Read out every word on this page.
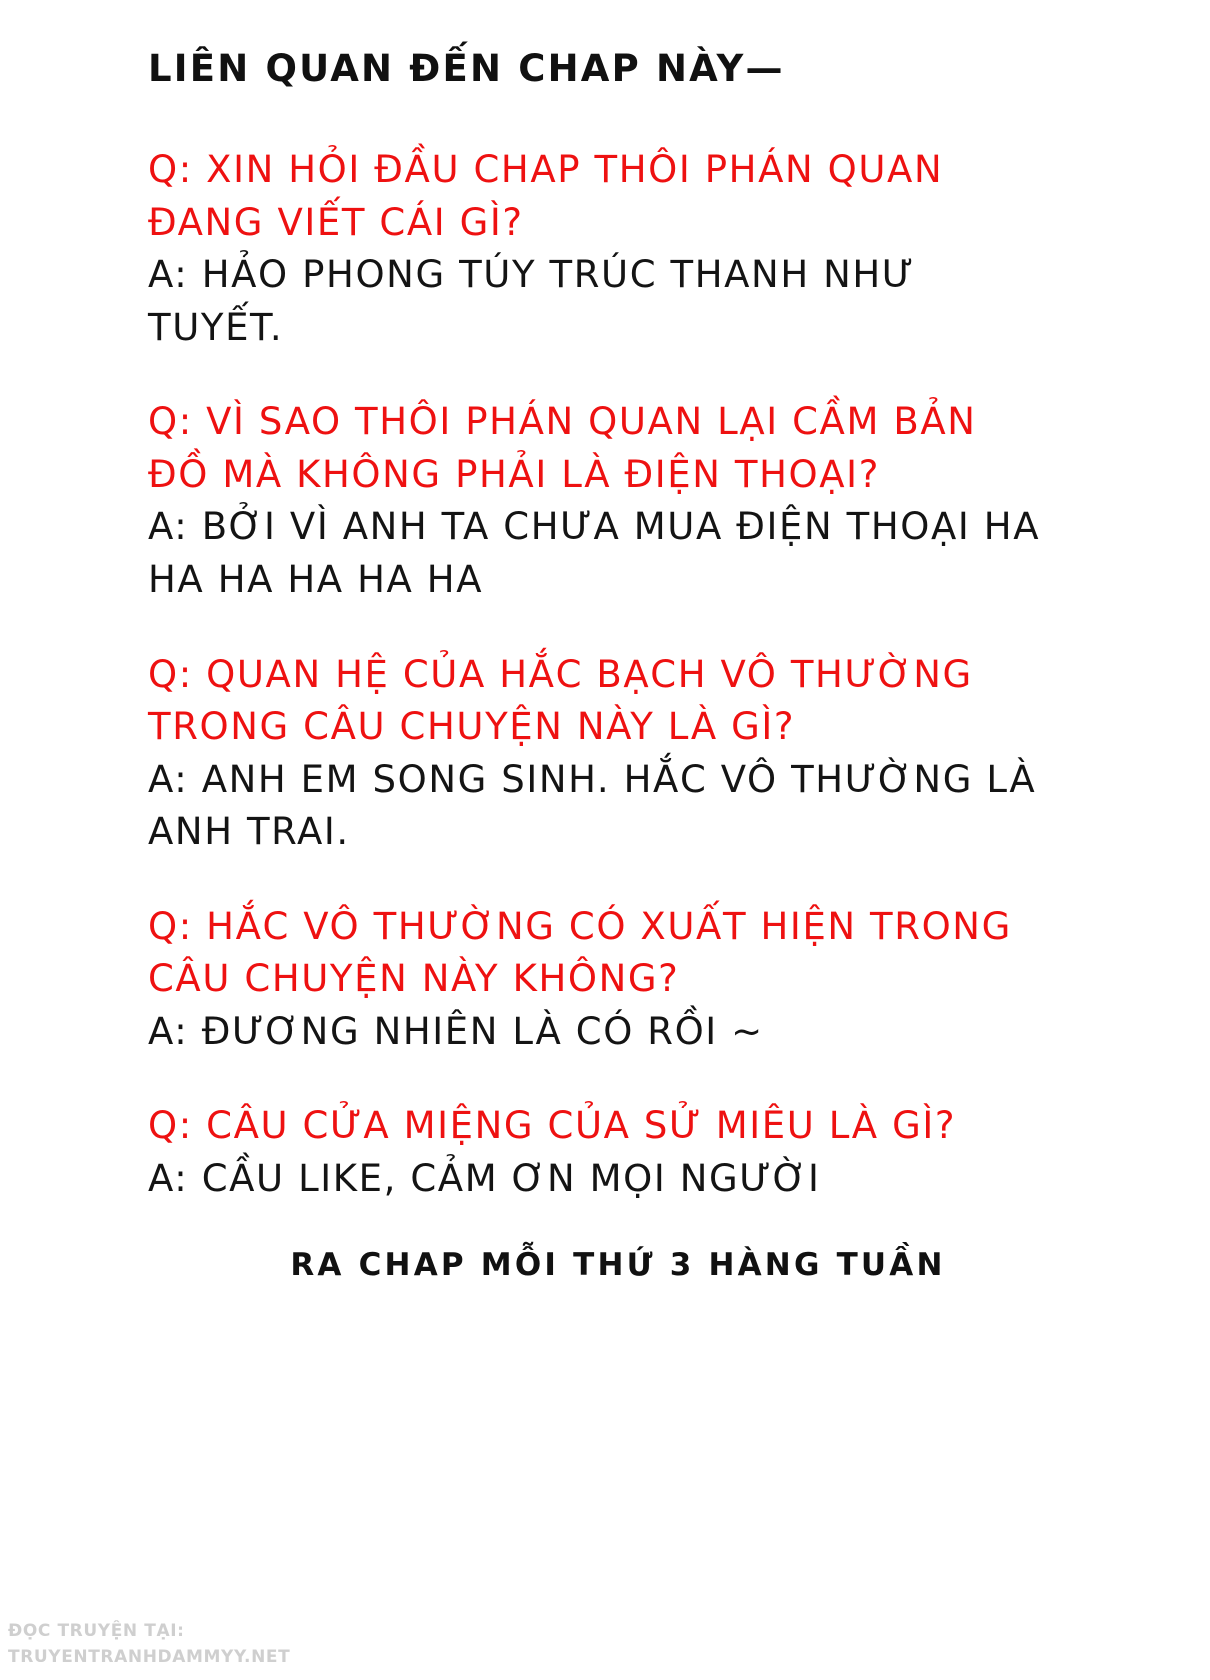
LIÊN QUAN ĐẾN CHAP NÀY—

Q: XIN HỎI ĐẦU CHAP THÔI PHÁN QUAN ĐANG VIẾT CÁI GÌ?

A: HẢO PHONG TÚY TRÚC THANH NHƯ TUYẾT.

Q: VÌ SAO THÔI PHÁN QUAN LẠI CẦM BẢN ĐỒ MÀ KHÔNG PHẢI LÀ ĐIỆN THOẠI?

A: BỞI VÌ ANH TA CHƯA MUA ĐIỆN THOẠI HA HA HA HA HA HA

Q: QUAN HỆ CỦA HẮC BẠCH VÔ THƯỜNG TRONG CÂU CHUYỆN NÀY LÀ GÌ?

A: ANH EM SONG SINH. HẮC VÔ THƯỜNG LÀ ANH TRAI.

Q: HẮC VÔ THƯỜNG CÓ XUẤT HIỆN TRONG CÂU CHUYỆN NÀY KHÔNG?

A: ĐƯƠNG NHIÊN LÀ CÓ RỒI ~

Q: CÂU CỬA MIỆNG CỦA SỬ MIÊU LÀ GÌ?

A: CẦU LIKE, CẢM ƠN MỌI NGƯỜI

RA CHAP MỖI THỨ 3 HÀNG TUẦN

ĐỌC TRUYỆN TẠI:
TRUYENTRANHDAMMYY.NET
